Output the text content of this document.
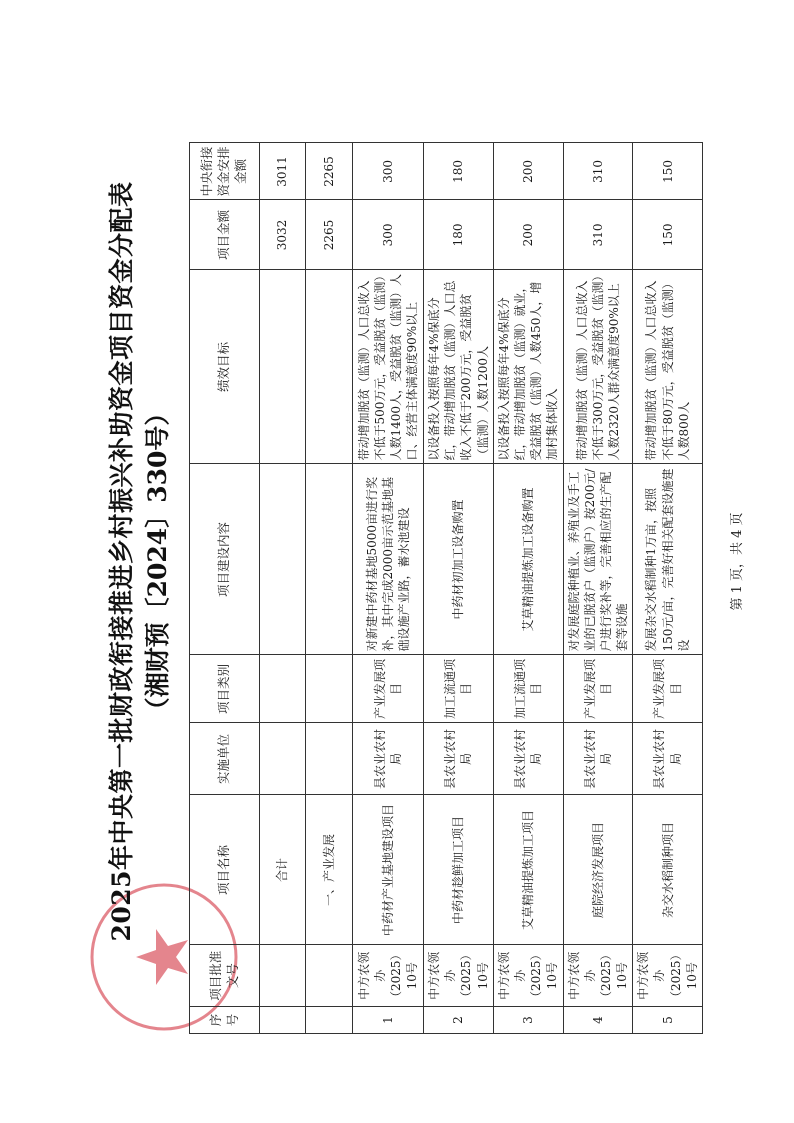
2025年中央第一批财政衔接推进乡村振兴补助资金项目资金分配表 （湘财预〔2024〕330号）
序号	项目批准文号	项目名称	实施单位	项目类别	项目建设内容	绩效目标	项目金额	中央衔接资金安排金额
		合计					3032	3011
		一、产业发展					2265	2265
1	中方农领办（2025）10号	中药材产业基地建设项目	县农业农村局	产业发展项目	对新建中药材基地5000亩进行奖补，其中完成2000亩示范基地基础设施产业路，蓄水池建设	带动增加脱贫（监测）人口总收入不低于500万元，受益脱贫（监测）人数1400人，受益脱贫（监测）人口、经营主体满意度90%以上	300	300
2	中方农领办（2025）10号	中药材趁鲜加工项目	县农业农村局	加工流通项目	中药材初加工设备购置	以设备投入按照每年4%保底分红，带动增加脱贫（监测）人口总收入不低于200万元，受益脱贫（监测）人数1200人	180	180
3	中方农领办（2025）10号	艾草精油提炼加工项目	县农业农村局	加工流通项目	艾草精油提炼加工设备购置	以设备投入按照每年4%保底分红，带动增加脱贫（监测）就业，受益脱贫（监测）人数450人，增加村集体收入	200	200
4	中方农领办（2025）10号	庭院经济发展项目	县农业农村局	产业发展项目	对发展庭院种植业、养殖业及手工业的已脱贫户（监测户）按200元/户进行奖补等，完善相应的生产配套等设施	带动增加脱贫（监测）人口总收入不低于300万元，受益脱贫（监测）人数2320人群众满意度90%以上	310	310
5	中方农领办（2025）10号	杂交水稻制种项目	县农业农村局	产业发展项目	发展杂交水稻制种1万亩，按照150元/亩，完善好相关配套设施建设	带动增加脱贫（监测）人口总收入不低于80万元，受益脱贫（监测）人数800人	150	150
第 1 页，共 4 页
